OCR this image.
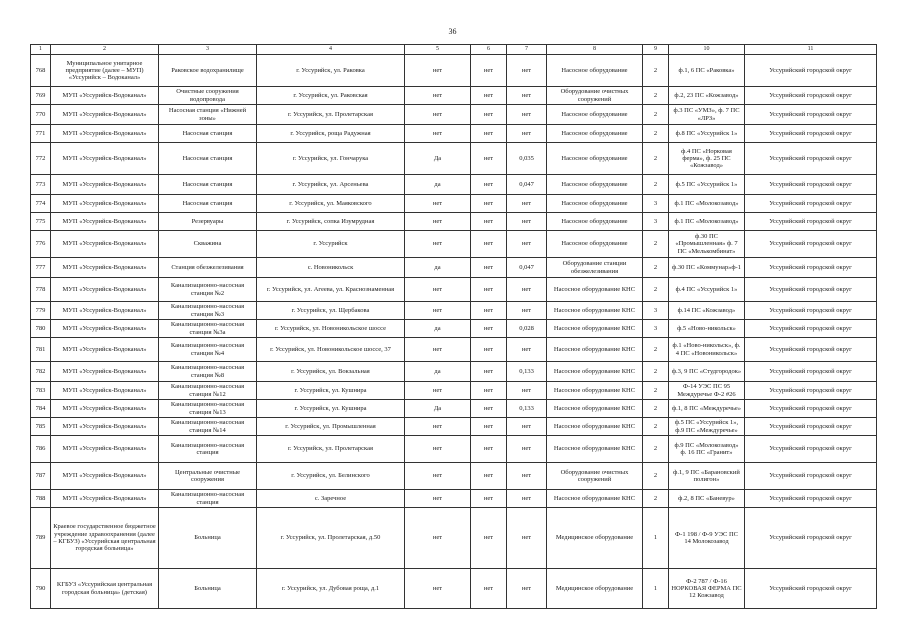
36
1	2	3	4	5	6	7	8	9	10	11
768	Муниципальное унитарное предприятие (далее – МУП) «Уссурийск – Водоканал»	Раковское водохранилище	г. Уссурийск, ул. Раковка	нет	нет	нет	Насосное оборудование	2	ф.1, 6 ПС «Раковка»	Уссурийский городской округ
769	МУП «Уссурийск-Водоканал»	Очистные сооружения водопровода	г. Уссурийск, ул. Раковская	нет	нет	нет	Оборудование очистных сооружений	2	ф.2, 23 ПС «Кожзавод»	Уссурийский городской округ
770	МУП «Уссурийск-Водоканал»	Насосная станция «Нижней зоны»	г. Уссурийск, ул. Пролетарская	нет	нет	нет	Насосное оборудование	2	ф.3 ПС «УМЗ», ф. 7 ПС «ЛРЗ»	Уссурийский городской округ
771	МУП «Уссурийск-Водоканал»	Насосная станция	г. Уссурийск, роща Радужная	нет	нет	нет	Насосное оборудование	2	ф.8 ПС «Уссурийск 1»	Уссурийский городской округ
772	МУП «Уссурийск-Водоканал»	Насосная станция	г. Уссурийск, ул. Гончарука	Да	нет	0,035	Насосное оборудование	2	ф.4 ПС «Норковая ферма», ф. 25 ПС «Кожзавод»	Уссурийский городской округ
773	МУП «Уссурийск-Водоканал»	Насосная станция	г. Уссурийск, ул. Арсеньева	да	нет	0,047	Насосное оборудование	2	ф.5 ПС «Уссурийск 1»	Уссурийский городской округ
774	МУП «Уссурийск-Водоканал»	Насосная станция	г. Уссурийск, ул. Маяковского	нет	нет	нет	Насосное оборудование	3	ф.1 ПС «Молокозавод»	Уссурийский городской округ
775	МУП «Уссурийск-Водоканал»	Резервуары	г. Уссурийск, сопка Изумрудная	нет	нет	нет	Насосное оборудование	3	ф.1 ПС «Молокозавод»	Уссурийский городской округ
776	МУП «Уссурийск-Водоканал»	Скважина	г. Уссурийск	нет	нет	нет	Насосное оборудование	2	ф.30 ПС «Промышленная» ф. 7 ПС «Мелькомбинат»	Уссурийский городской округ
777	МУП «Уссурийск-Водоканал»	Станция обезжелезивания	с. Новоникольск	да	нет	0,047	Оборудование станции обезжелезивания	2	ф.30 ПС «Коммунар»ф-1	Уссурийский городской округ
778	МУП «Уссурийск-Водоканал»	Канализационно-насосная станция №2	г. Уссурийск, ул. Агеева, ул. Краснознаменная	нет	нет	нет	Насосное оборудование КНС	2	ф.4 ПС «Уссурийск 1»	Уссурийский городской округ
779	МУП «Уссурийск-Водоканал»	Канализационно-насосная станция №3	г. Уссурийск, ул. Щербакова	нет	нет	нет	Насосное оборудование КНС	3	ф.14 ПС «Кожзавод»	Уссурийский городской округ
780	МУП «Уссурийск-Водоканал»	Канализационно-насосная станция №3а	г. Уссурийск, ул. Новоникольское шоссе	да	нет	0,028	Насосное оборудование КНС	3	ф.5 «Ново-никольск»	Уссурийский городской округ
781	МУП «Уссурийск-Водоканал»	Канализационно-насосная станция №4	г. Уссурийск, ул. Новоникольское шоссе, 37	нет	нет	нет	Насосное оборудование КНС	2	ф.1 «Ново-никольск», ф. 4 ПС «Новоникольск»	Уссурийский городской округ
782	МУП «Уссурийск-Водоканал»	Канализационно-насосная станция №8	г. Уссурийск, ул. Вокзальная	да	нет	0,133	Насосное оборудование КНС	2	ф.3, 9 ПС «Студгородок»	Уссурийский городской округ
783	МУП «Уссурийск-Водоканал»	Канализационно-насосная станция №12	г. Уссурийск, ул. Кушнира	нет	нет	нет	Насосное оборудование КНС	2	Ф-14 УЭС ПС 95 Междуречье Ф-2 #26	Уссурийский городской округ
784	МУП «Уссурийск-Водоканал»	Канализационно-насосная станция №13	г. Уссурийск, ул. Кушнира	Да	нет	0,133	Насосное оборудование КНС	2	ф.1, 8 ПС «Междуречье»	Уссурийский городской округ
785	МУП «Уссурийск-Водоканал»	Канализационно-насосная станция №14	г. Уссурийск, ул. Промышленная	нет	нет	нет	Насосное оборудование КНС	2	ф.5 ПС «Уссурийск 1», ф.9 ПС «Междуречье»	Уссурийский городской округ
786	МУП «Уссурийск-Водоканал»	Канализационно-насосная станция	г. Уссурийск, ул. Пролетарская	нет	нет	нет	Насосное оборудование КНС	2	ф.9 ПС «Молокозавод» ф. 16 ПС «Гранит»	Уссурийский городской округ
787	МУП «Уссурийск-Водоканал»	Центральные очистные сооружения	г. Уссурийск, ул. Белинского	нет	нет	нет	Оборудование очистных сооружений	2	ф.1, 9 ПС «Барановский полигон»	Уссурийский городской округ
788	МУП «Уссурийск-Водоканал»	Канализационно-насосная станция	с. Заречное	нет	нет	нет	Насосное оборудование КНС	2	ф.2, 8 ПС «Баневур»	Уссурийский городской округ
789	Краевое государственное бюджетное учреждение здравоохранения (далее – КГБУЗ) «Уссурийская центральная городская больница»	Больница	г. Уссурийск, ул. Пролетарская, д.50	нет	нет	нет	Медицинское оборудование	1	Ф-1 198 / Ф-9 УЭС ПС 14 Молокозавод	Уссурийский городской округ
790	КГБУЗ «Уссурийская центральная городская больница» (детская)	Больница	г. Уссурийск, ул. Дубовая роща, д.1	нет	нет	нет	Медицинское оборудование	1	Ф-2 787 / Ф-16 НОРКОВАЯ ФЕРМА ПС 12 Кожзавод	Уссурийский городской округ
